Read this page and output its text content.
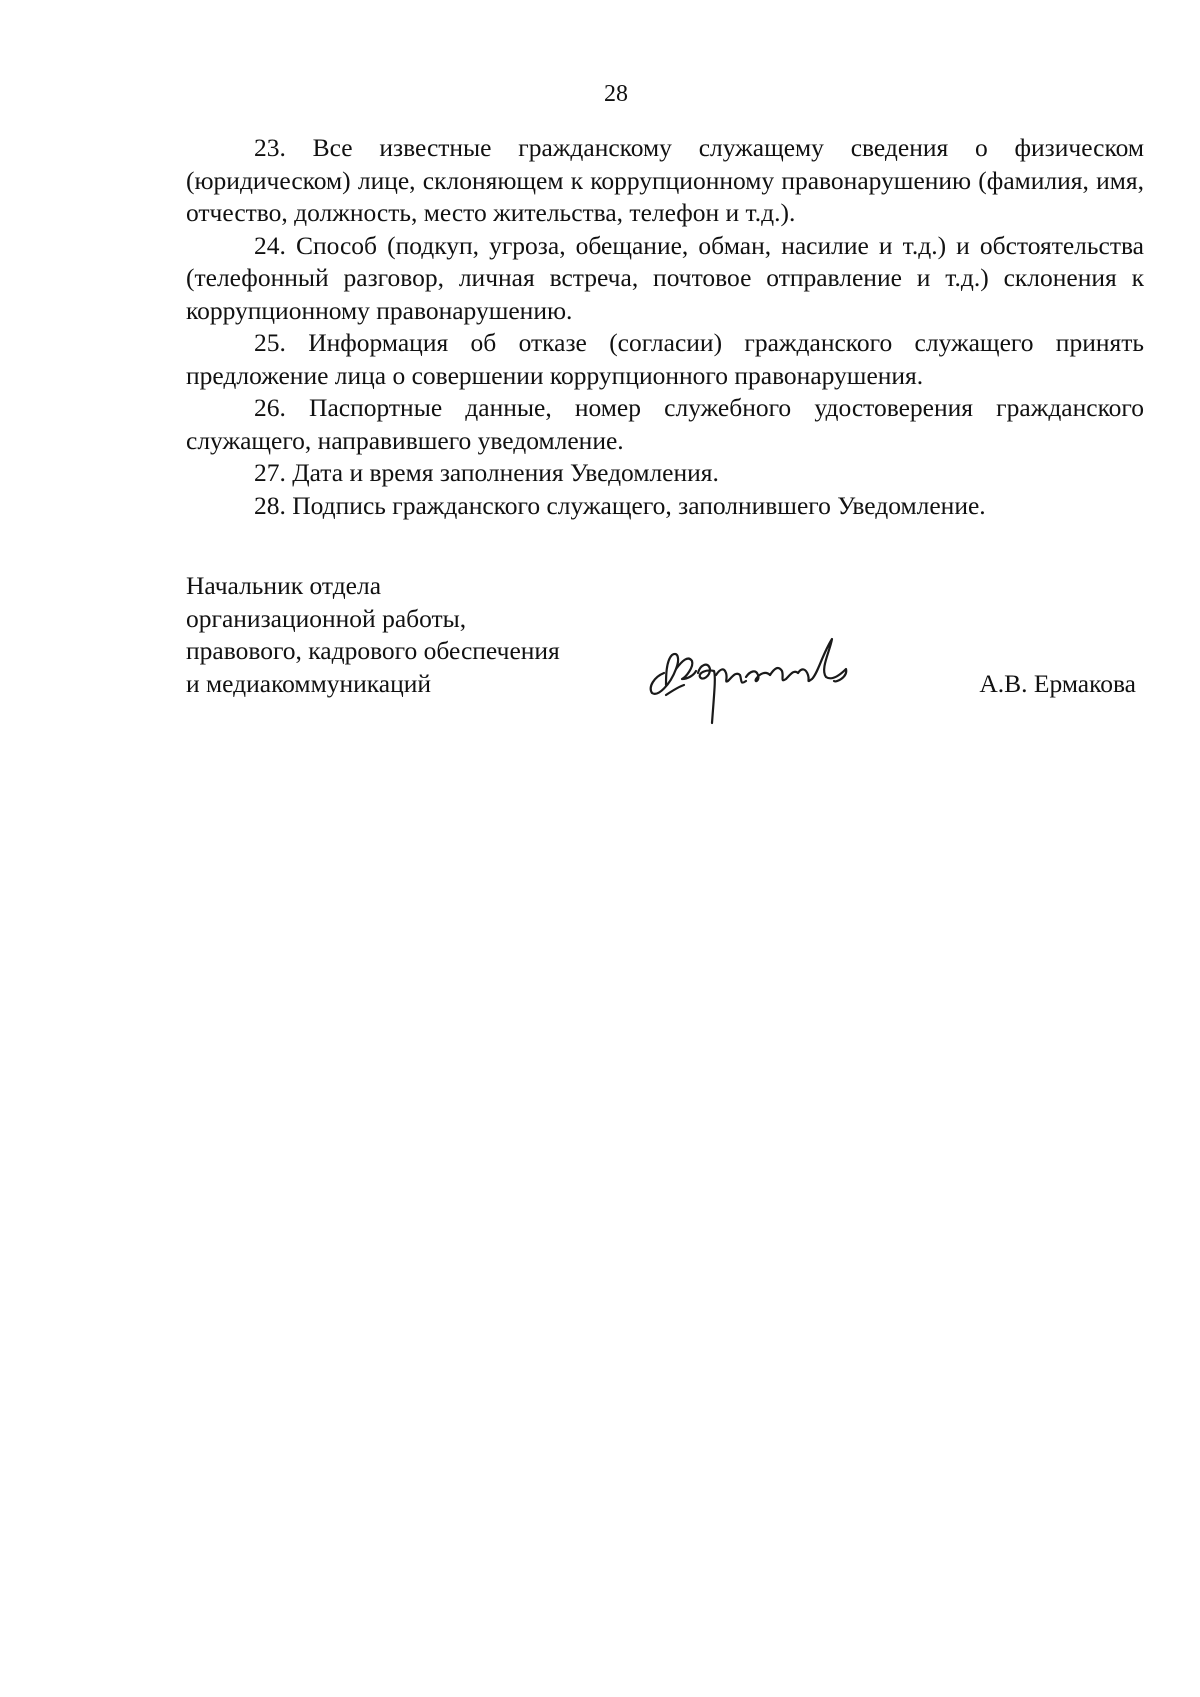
28

23. Все известные гражданскому служащему сведения о физическом (юридическом) лице, склоняющем к коррупционному правонарушению (фамилия, имя, отчество, должность, место жительства, телефон и т.д.).

24. Способ (подкуп, угроза, обещание, обман, насилие и т.д.) и обстоятельства (телефонный разговор, личная встреча, почтовое отправление и т.д.) склонения к коррупционному правонарушению.

25. Информация об отказе (согласии) гражданского служащего принять предложение лица о совершении коррупционного правонарушения.

26. Паспортные данные, номер служебного удостоверения гражданского служащего, направившего уведомление.

27. Дата и время заполнения Уведомления.

28. Подпись гражданского служащего, заполнившего Уведомление.

Начальник отдела
организационной работы,
правового, кадрового обеспечения
и медиакоммуникаций	А.В. Ермакова
